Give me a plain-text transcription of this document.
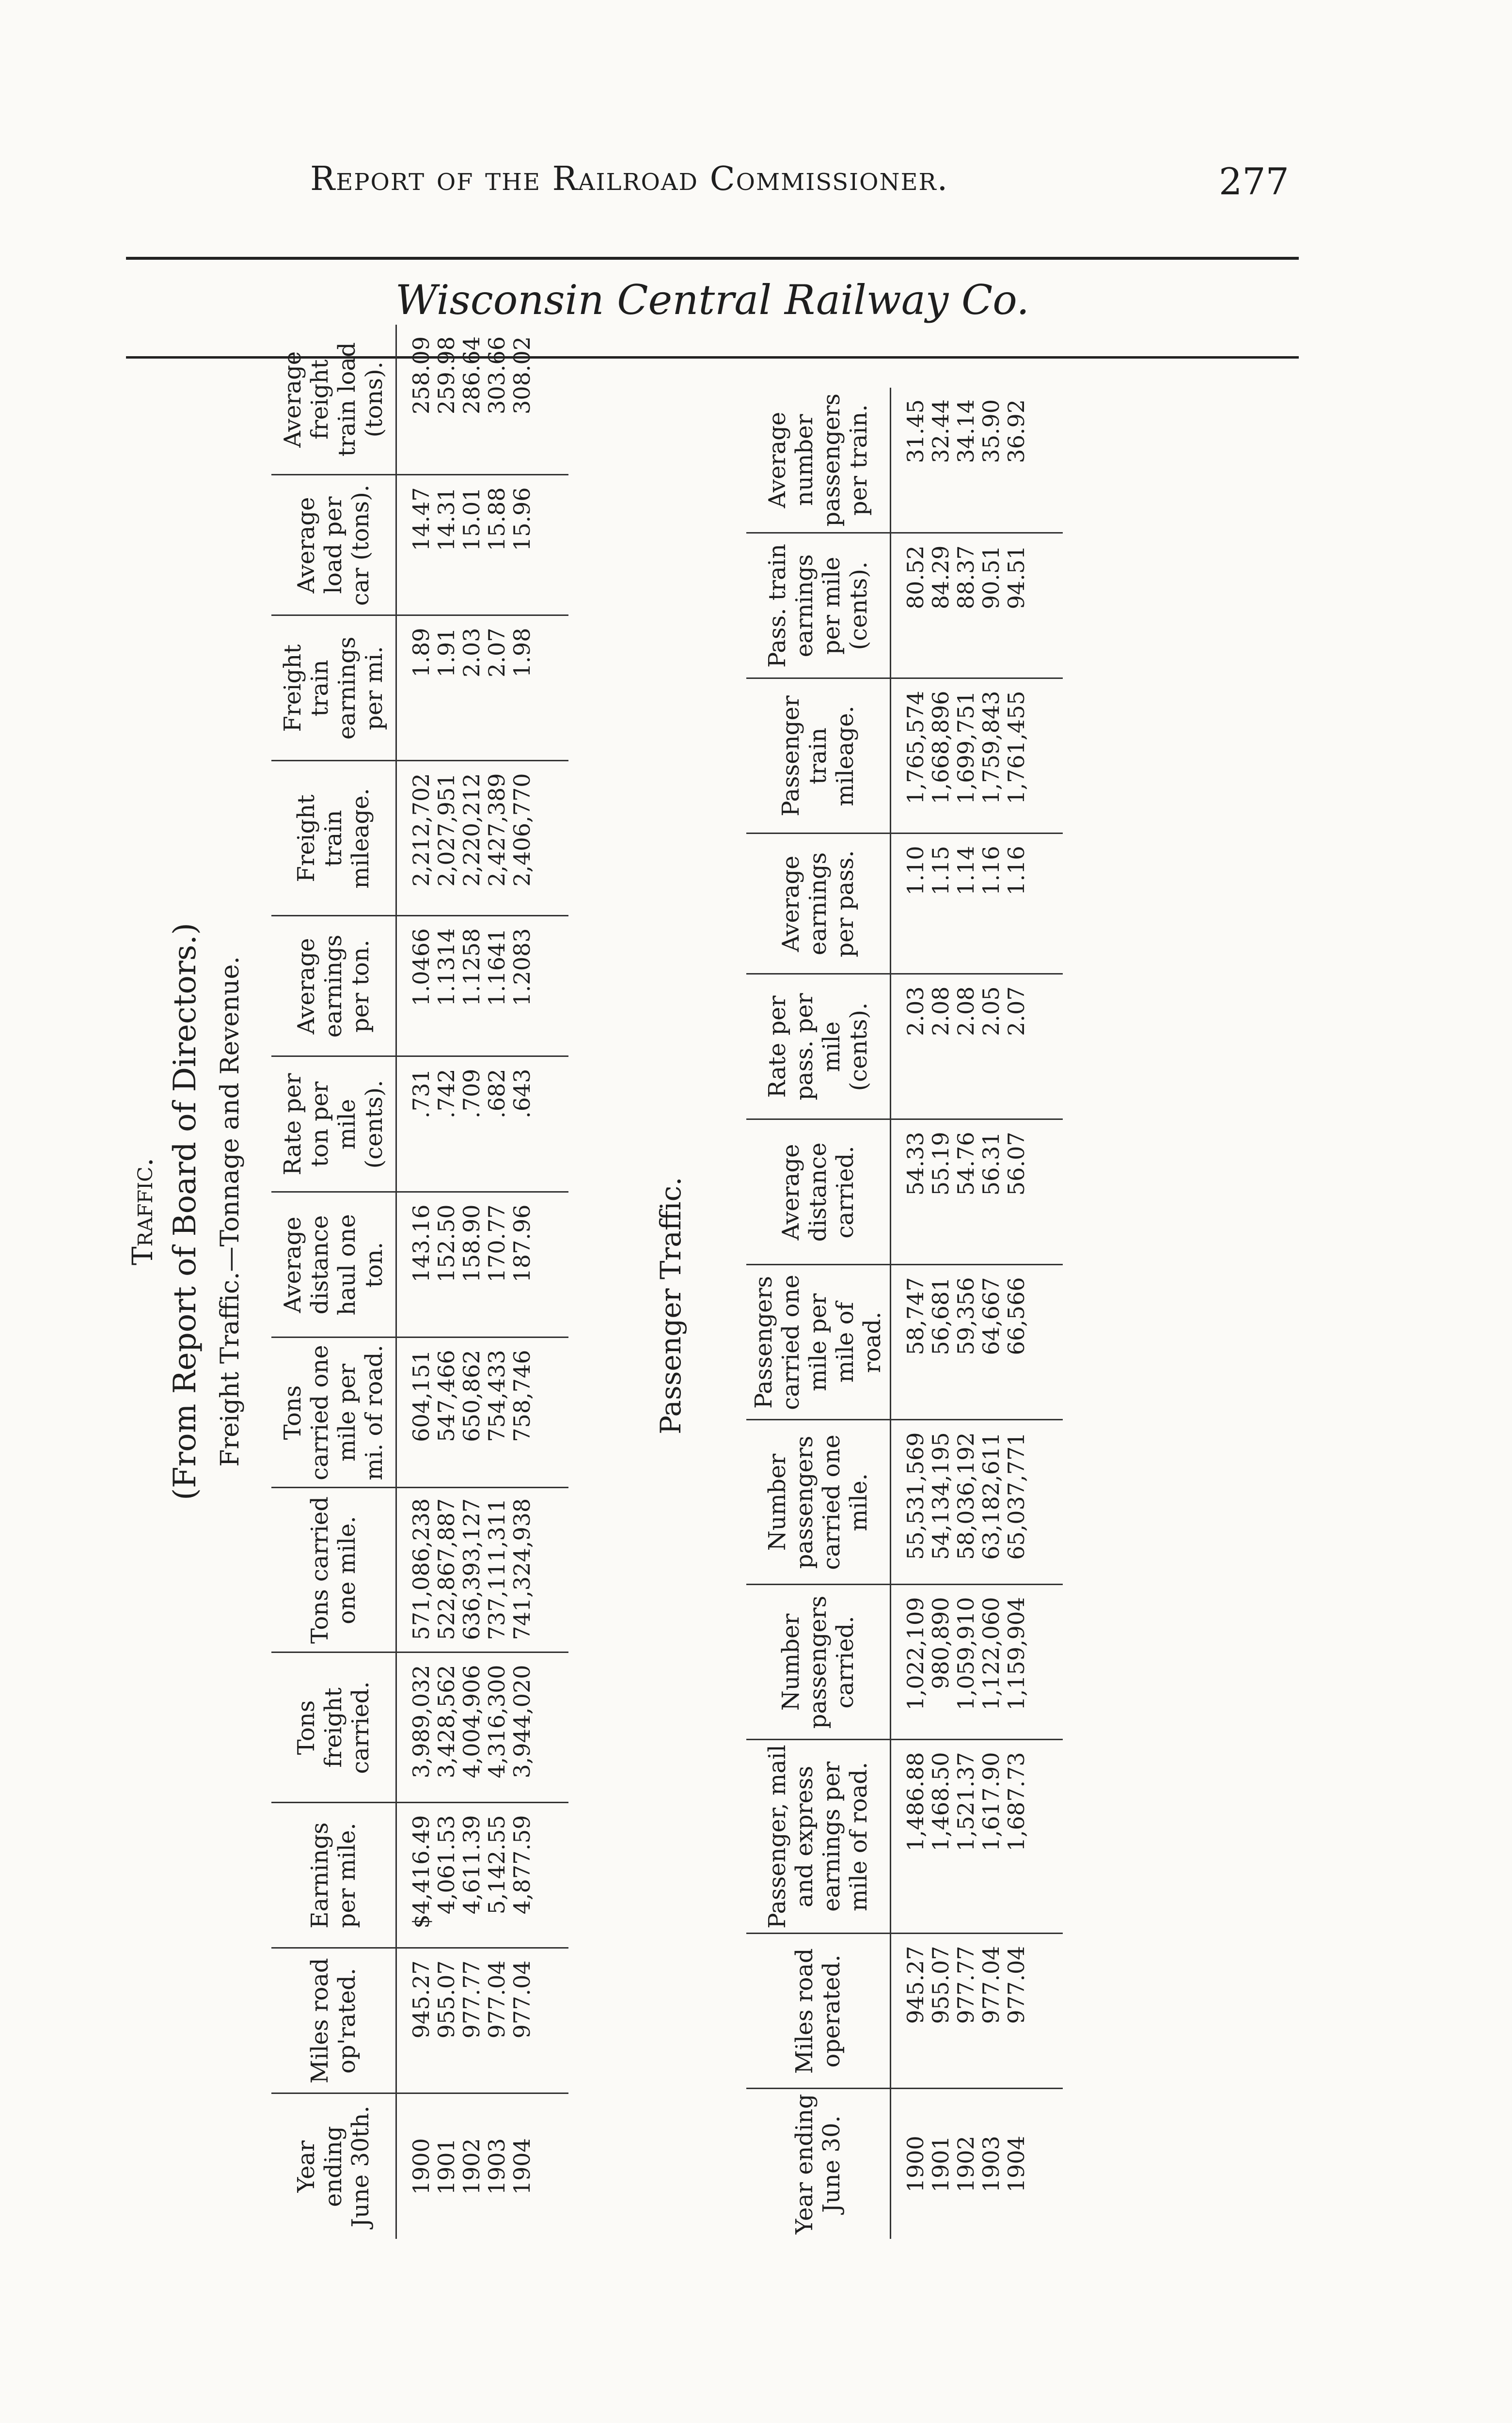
Report of the Railroad Commissioner.	277
Wisconsin Central Railway Co.
Traffic. (From Report of Board of Directors.) Freight Traffic.—Tonnage and Revenue.
Year ending June 30th.	Miles road op'rated.	Earnings per mile.	Tons freight carried.	Tons carried one mile.	Tons carried one mile per mi. of road.	Average distance haul one ton.	Rate per ton per mile (cents).	Average earnings per ton.	Freight train mileage.	Freight train earnings per mi.	Average load per car (tons).	Average freight train load (tons).

1900	945.27	$4,416.49	3,989,032	571,086,238	604,151	143.16	.731	1.0466	2,212,702	1.89	14.47	258.09
1901	955.07	4,061.53	3,428,562	522,867,887	547,466	152.50	.742	1.1314	2,027,951	1.91	14.31	259.98
1902	977.77	4,611.39	4,004,906	636,393,127	650,862	158.90	.709	1.1258	2,220,212	2.03	15.01	286.64
1903	977.04	5,142.55	4,316,300	737,111,311	754,433	170.77	.682	1.1641	2,427,389	2.07	15.88	303.66
1904	977.04	4,877.59	3,944,020	741,324,938	758,746	187.96	.643	1.2083	2,406,770	1.98	15.96	308.02

Passenger Traffic.
Year ending June 30.	Miles road operated.	Passenger, mail and express earnings per mile of road.	Number passengers carried.	Number passengers carried one mile.	Passengers carried one mile per mile of road.	Average distance carried.	Rate per pass. per mile (cents).	Average earnings per pass.	Passenger train mileage.	Pass. train earnings per mile (cents).	Average number passengers per train.

1900	945.27	1,486.88	1,022,109	55,531,569	58,747	54.33	2.03	1.10	1,765,574	80.52	31.45
1901	955.07	1,468.50	980,890	54,134,195	56,681	55.19	2.08	1.15	1,668,896	84.29	32.44
1902	977.77	1,521.37	1,059,910	58,036,192	59,356	54.76	2.08	1.14	1,699,751	88.37	34.14
1903	977.04	1,617.90	1,122,060	63,182,611	64,667	56.31	2.05	1.16	1,759,843	90.51	35.90
1904	977.04	1,687.73	1,159,904	65,037,771	66,566	56.07	2.07	1.16	1,761,455	94.51	36.92
